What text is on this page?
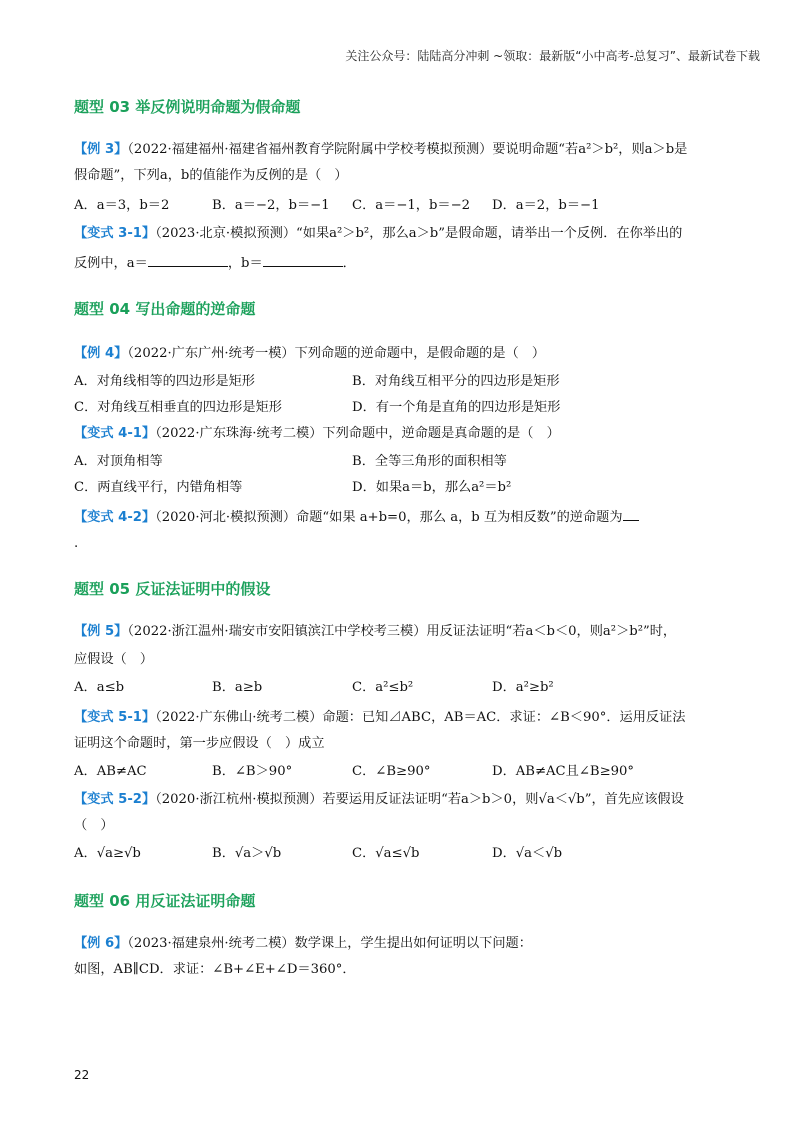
关注公众号：陆陆高分冲刺 ~领取：最新版“小中高考-总复习”、最新试卷下载
题型 03 举反例说明命题为假命题
【例 3】（2022·福建福州·福建省福州教育学院附属中学校考模拟预测）要说明命题“若a²＞b²，则a＞b是
假命题”，下列a，b的值能作为反例的是（　）
A．a＝3，b＝2	B．a＝−2，b＝−1 C．a＝−1，b＝−2 D．a＝2，b＝−1
【变式 3-1】（2023·北京·模拟预测）“如果a²＞b²，那么a＞b”是假命题，请举出一个反例．在你举出的
反例中，a＝	，b＝	．
题型 04 写出命题的逆命题
【例 4】（2022·广东广州·统考一模）下列命题的逆命题中，是假命题的是（　）
A．对角线相等的四边形是矩形	B．对角线互相平分的四边形是矩形
C．对角线互相垂直的四边形是矩形	D．有一个角是直角的四边形是矩形
【变式 4-1】（2022·广东珠海·统考二模）下列命题中，逆命题是真命题的是（　）
A．对顶角相等	B．全等三角形的面积相等
C．两直线平行，内错角相等	D．如果a＝b，那么a²＝b²
【变式 4-2】（2020·河北·模拟预测）命题“如果 a+b=0，那么 a，b 互为相反数”的逆命题为
.
题型 05 反证法证明中的假设
【例 5】（2022·浙江温州·瑞安市安阳镇滨江中学校考三模）用反证法证明“若a＜b＜0，则a²＞b²”时，
应假设（　）
A．a≤b	B．a≥b	C．a²≤b²	D．a²≥b²
【变式 5-1】（2022·广东佛山·统考二模）命题：已知⊿ABC，AB＝AC．求证：∠B＜90°．运用反证法
证明这个命题时，第一步应假设（　）成立
A．AB≠AC	B．∠B＞90°	C．∠B≥90°	D．AB≠AC且∠B≥90°
【变式 5-2】（2020·浙江杭州·模拟预测）若要运用反证法证明“若a＞b＞0，则√a＜√b”，首先应该假设
（　）
A．√a≥√b	B．√a＞√b	C．√a≤√b	D．√a＜√b
题型 06 用反证法证明命题
【例 6】（2023·福建泉州·统考二模）数学课上，学生提出如何证明以下问题：
如图，AB∥CD．求证：∠B+∠E+∠D＝360°．
22
